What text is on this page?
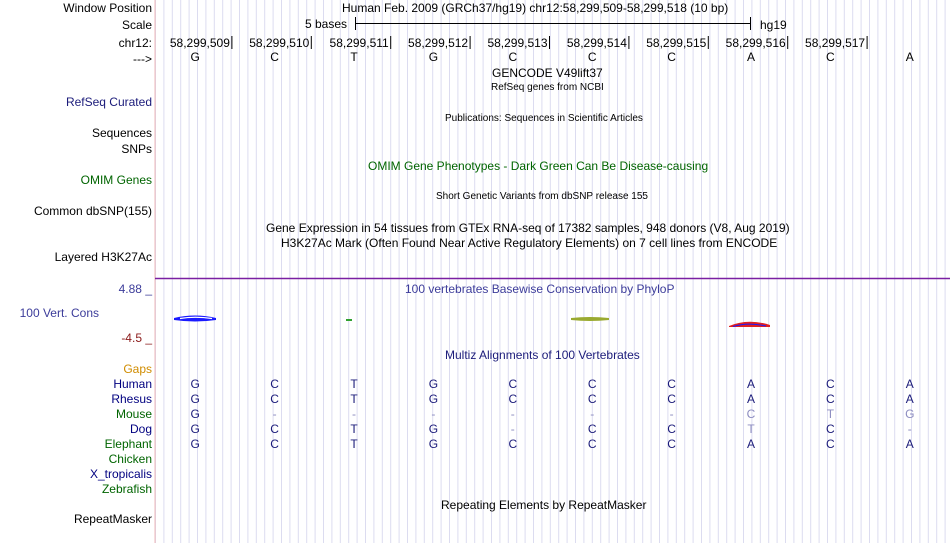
Window Position	Human Feb. 2009 (GRCh37/hg19) chr12:58,299,509-58,299,518 (10 bp)
Scale	5 bases	hg19
chr12: 58,299,509 58,299,510 58,299,511 58,299,512 58,299,513 58,299,514 58,299,515 58,299,516 58,299,517
--->	G	C	T	G	C	C	C	A	C	A
GENCODE V49lift37
RefSeq genes from NCBI
RefSeq Curated
Publications: Sequences in Scientific Articles
Sequences
SNPs
OMIM Gene Phenotypes - Dark Green Can Be Disease-causing
OMIM Genes
Short Genetic Variants from dbSNP release 155
Common dbSNP(155)
Gene Expression in 54 tissues from GTEx RNA-seq of 17382 samples, 948 donors (V8, Aug 2019)
H3K27Ac Mark (Often Found Near Active Regulatory Elements) on 7 cell lines from ENCODE
Layered H3K27Ac
4.88 _	100 vertebrates Basewise Conservation by PhyloP
100 Vert. Cons
-4.5 _
Multiz Alignments of 100 Vertebrates
Gaps
Human	G	C	T	G	C	C	C	A	C	A
Rhesus	G	C	T	G	C	C	C	A	C	A
Mouse	G	-	-	-	-	-	-	C	T	G
Dog	G	C	T	G	-	C	C	T	C	-
Elephant	G	C	T	G	C	C	C	A	C	A
Chicken
X_tropicalis
Zebrafish
Repeating Elements by RepeatMasker
RepeatMasker
